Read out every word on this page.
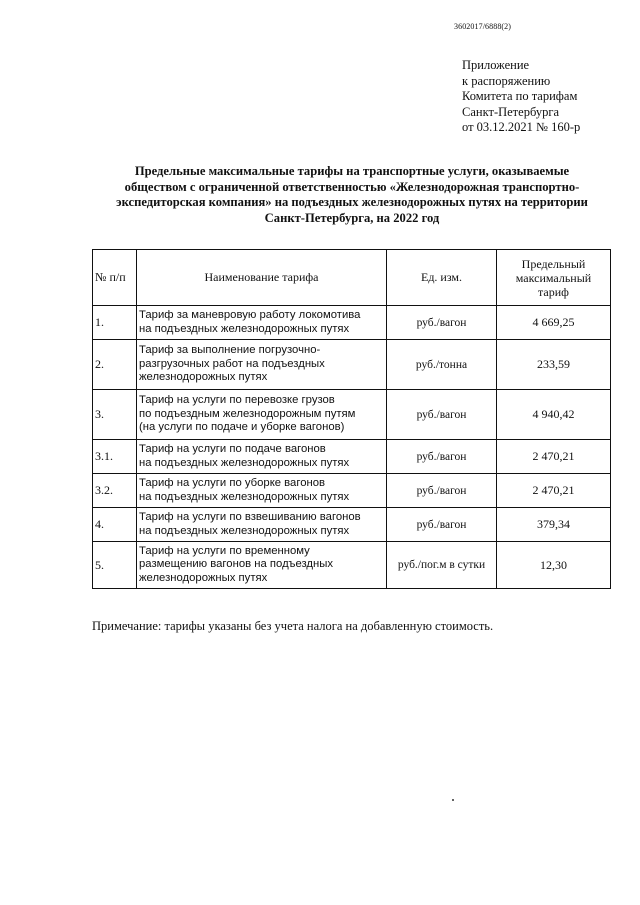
3602017/6888(2)
Приложение
к распоряжению
Комитета по тарифам
Санкт-Петербурга
от 03.12.2021 № 160-р
Предельные максимальные тарифы на транспортные услуги, оказываемые
обществом с ограниченной ответственностью «Железнодорожная транспортно-
экспедиторская компания» на подъездных железнодорожных путях на территории
Санкт-Петербурга, на 2022 год
№ п/п	Наименование тарифа	Ед. изм.	Предельный
максимальный
тариф

1.	Тариф за маневровую работу локомотива
на подъездных железнодорожных путях	руб./вагон	4 669,25
2.	Тариф за выполнение погрузочно-
разгрузочных работ на подъездных
железнодорожных путях	руб./тонна	233,59
3.	Тариф на услуги по перевозке грузов
по подъездным железнодорожным путям
(на услуги по подаче и уборке вагонов)	руб./вагон	4 940,42
3.1.	Тариф на услуги по подаче вагонов
на подъездных железнодорожных путях	руб./вагон	2 470,21
3.2.	Тариф на услуги по уборке вагонов
на подъездных железнодорожных путях	руб./вагон	2 470,21
4.	Тариф на услуги по взвешиванию вагонов
на подъездных железнодорожных путях	руб./вагон	379,34
5.	Тариф на услуги по временному
размещению вагонов на подъездных
железнодорожных путях	руб./пог.м в сутки	12,30
Примечание: тарифы указаны без учета налога на добавленную стоимость.
